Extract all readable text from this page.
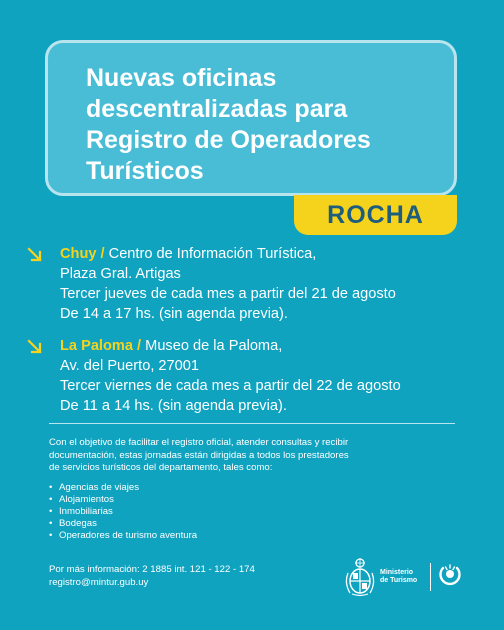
Nuevas oficinas
descentralizadas para
Registro de Operadores
Turísticos
ROCHA
Chuy / Centro de Información Turística,
Plaza Gral. Artigas
Tercer jueves de cada mes a partir del 21 de agosto
De 14 a 17 hs. (sin agenda previa).
La Paloma / Museo de la Paloma,
Av. del Puerto, 27001
Tercer viernes de cada mes a partir del 22 de agosto
De 11 a 14 hs. (sin agenda previa).

Con el objetivo de facilitar el registro oficial, atender consultas y recibir

documentación, estas jornadas están dirigidas a todos los prestadores

de servicios turísticos del departamento, tales como:

• Agencias de viajes
• Alojamientos
• Inmobiliarias
• Bodegas
• Operadores de turismo aventura
Por más información: 2 1885 int. 121 - 122 - 174
registro@mintur.gub.uy
Ministerio
de Turismo
